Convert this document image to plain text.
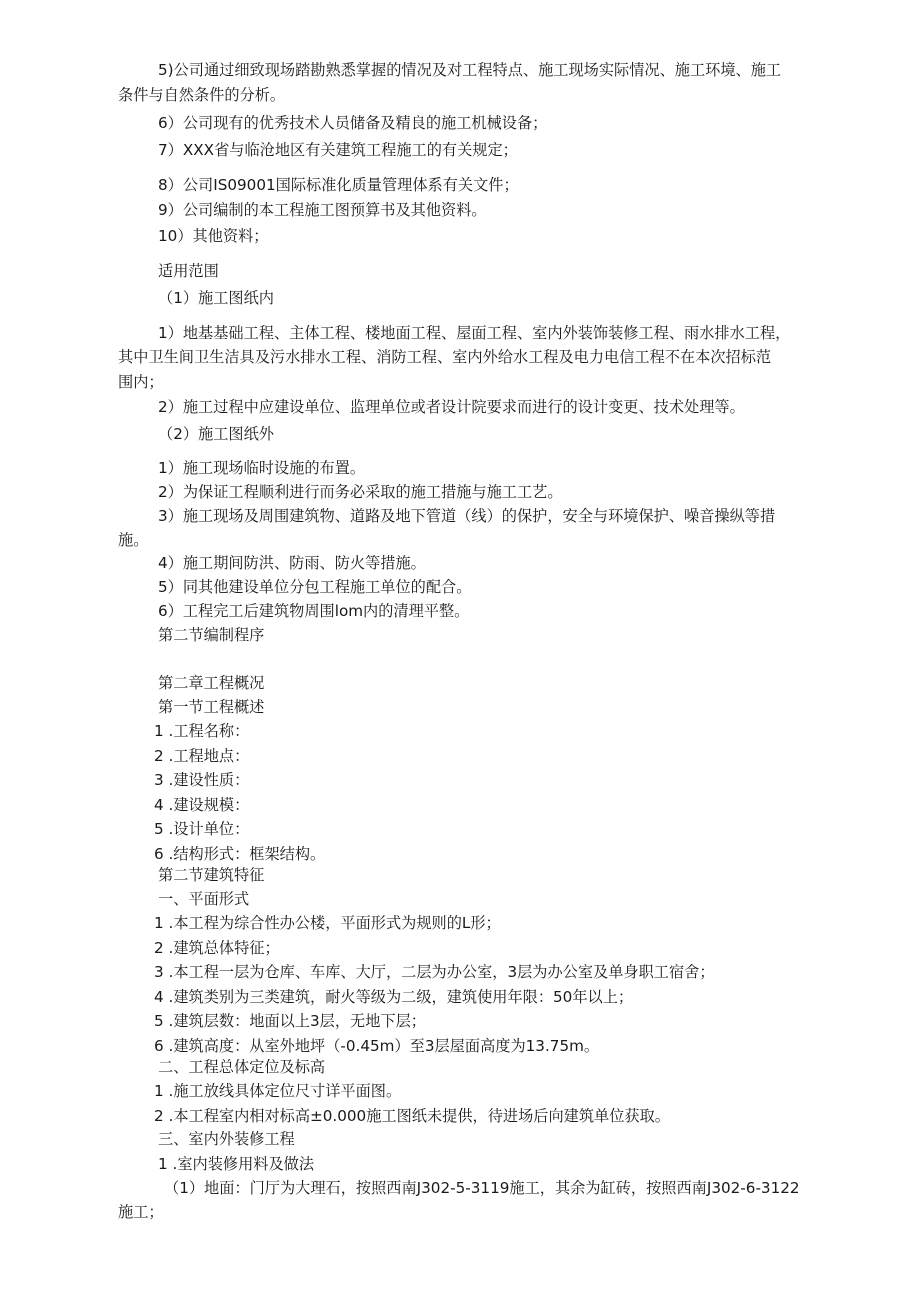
5)公司通过细致现场踏勘熟悉掌握的情况及对工程特点、施工现场实际情况、施工环境、施工
条件与自然条件的分析。
6）公司现有的优秀技术人员储备及精良的施工机械设备；
7）XXX省与临沧地区有关建筑工程施工的有关规定；
8）公司IS09001国际标准化质量管理体系有关文件；
9）公司编制的本工程施工图预算书及其他资料。
10）其他资料；
适用范围
（1）施工图纸内
1）地基基础工程、主体工程、楼地面工程、屋面工程、室内外装饰装修工程、雨水排水工程，
其中卫生间卫生洁具及污水排水工程、消防工程、室内外给水工程及电力电信工程不在本次招标范
围内；
2）施工过程中应建设单位、监理单位或者设计院要求而进行的设计变更、技术处理等。
（2）施工图纸外
1）施工现场临时设施的布置。
2）为保证工程顺利进行而务必采取的施工措施与施工工艺。
3）施工现场及周围建筑物、道路及地下管道（线）的保护，安全与环境保护、噪音操纵等措
施。
4）施工期间防洪、防雨、防火等措施。
5）同其他建设单位分包工程施工单位的配合。
6）工程完工后建筑物周围lom内的清理平整。
第二节编制程序
第二章工程概况
第一节工程概述
1 .工程名称：
2 .工程地点：
3 .建设性质：
4 .建设规模：
5 .设计单位：
6 .结构形式：框架结构。
第二节建筑特征
一、平面形式
1 .本工程为综合性办公楼，平面形式为规则的L形；
2 .建筑总体特征；
3 .本工程一层为仓库、车库、大厅，二层为办公室，3层为办公室及单身职工宿舍；
4 .建筑类别为三类建筑，耐火等级为二级，建筑使用年限：50年以上；
5 .建筑层数：地面以上3层，无地下层；
6 .建筑高度：从室外地坪（-0.45m）至3层屋面高度为13.75m。
二、工程总体定位及标高
1 .施工放线具体定位尺寸详平面图。
2 .本工程室内相对标高±0.000施工图纸未提供，待进场后向建筑单位获取。
三、室内外装修工程
1 .室内装修用料及做法
（1）地面：门厅为大理石，按照西南J302-5-3119施工，其余为缸砖，按照西南J302-6-3122
施工；
